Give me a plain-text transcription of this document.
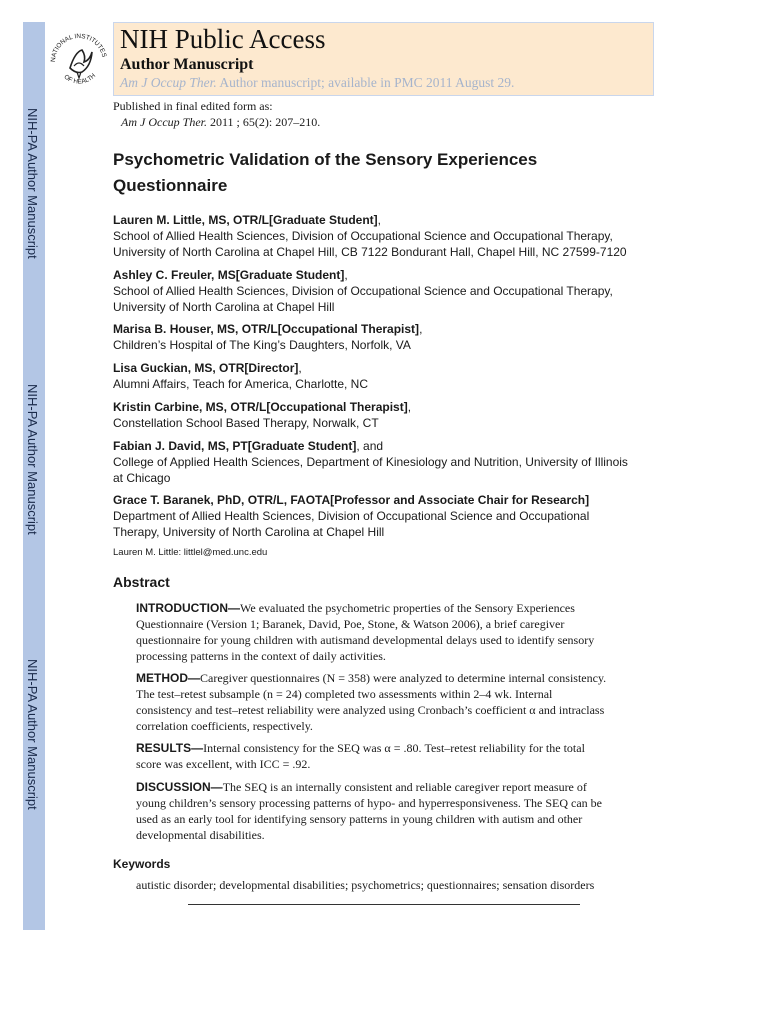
NIH-PA Author Manuscript
NIH-PA Author Manuscript
NIH-PA Author Manuscript
NATIONAL INSTITUTES
OF HEALTH
NIH Public Access
Author Manuscript
Am J Occup Ther. Author manuscript; available in PMC 2011 August 29.
Published in final edited form as:
Am J Occup Ther. 2011 ; 65(2): 207–210.
Psychometric Validation of the Sensory Experiences Questionnaire
Lauren M. Little, MS, OTR/L[Graduate Student],
School of Allied Health Sciences, Division of Occupational Science and Occupational Therapy,
University of North Carolina at Chapel Hill, CB 7122 Bondurant Hall, Chapel Hill, NC 27599-7120
Ashley C. Freuler, MS[Graduate Student],
School of Allied Health Sciences, Division of Occupational Science and Occupational Therapy,
University of North Carolina at Chapel Hill
Marisa B. Houser, MS, OTR/L[Occupational Therapist],
Children’s Hospital of The King’s Daughters, Norfolk, VA
Lisa Guckian, MS, OTR[Director],
Alumni Affairs, Teach for America, Charlotte, NC
Kristin Carbine, MS, OTR/L[Occupational Therapist],
Constellation School Based Therapy, Norwalk, CT
Fabian J. David, MS, PT[Graduate Student], and
College of Applied Health Sciences, Department of Kinesiology and Nutrition, University of Illinois
at Chicago
Grace T. Baranek, PhD, OTR/L, FAOTA[Professor and Associate Chair for Research]
Department of Allied Health Sciences, Division of Occupational Science and Occupational
Therapy, University of North Carolina at Chapel Hill
Lauren M. Little: littlel@med.unc.edu
Abstract
INTRODUCTION—We evaluated the psychometric properties of the Sensory Experiences
Questionnaire (Version 1; Baranek, David, Poe, Stone, & Watson 2006), a brief caregiver
questionnaire for young children with autismand developmental delays used to identify sensory
processing patterns in the context of daily activities.
METHOD—Caregiver questionnaires (N = 358) were analyzed to determine internal consistency.
The test–retest subsample (n = 24) completed two assessments within 2–4 wk. Internal
consistency and test–retest reliability were analyzed using Cronbach’s coefficient α and intraclass
correlation coefficients, respectively.
RESULTS—Internal consistency for the SEQ was α = .80. Test–retest reliability for the total
score was excellent, with ICC = .92.
DISCUSSION—The SEQ is an internally consistent and reliable caregiver report measure of
young children’s sensory processing patterns of hypo- and hyperresponsiveness. The SEQ can be
used as an early tool for identifying sensory patterns in young children with autism and other
developmental disabilities.
Keywords
autistic disorder; developmental disabilities; psychometrics; questionnaires; sensation disorders
